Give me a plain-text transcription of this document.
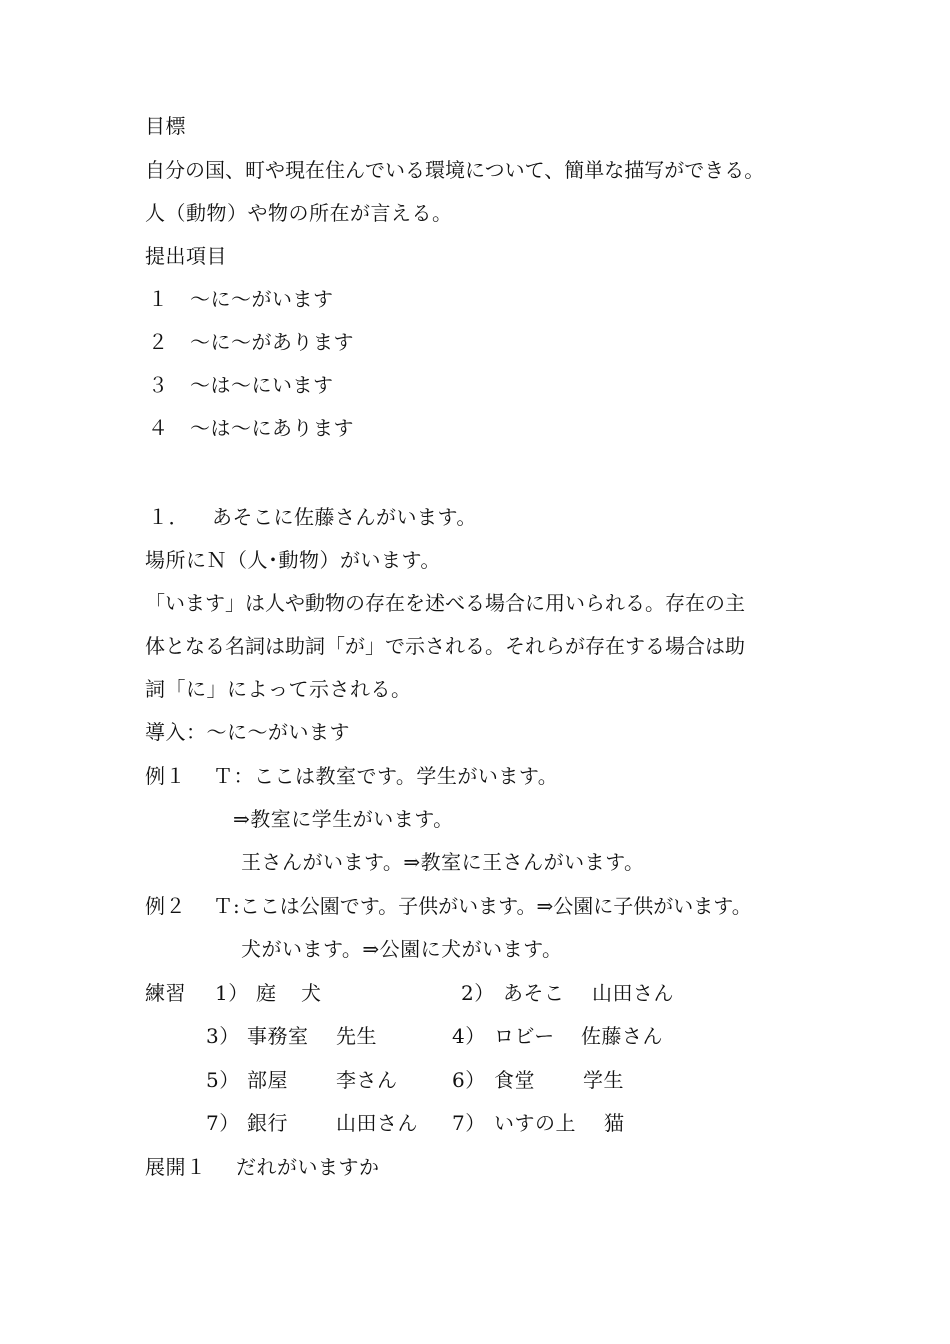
目標
自分の国、町や現在住んでいる環境について、簡単な描写ができる。
人（動物）や物の所在が言える。
提出項目
１ ～に～がいます
２ ～に～があります
３ ～は～にいます
４ ～は～にあります
１． あそこに佐藤さんがいます。
場所にＮ（人･動物）がいます。
「います」は人や動物の存在を述べる場合に用いられる。存在の主
体となる名詞は助詞「が」で示される。それらが存在する場合は助
詞「に」によって示される。
導入：～に～がいます
例１ Ｔ：ここは教室です。学生がいます。
⇒教室に学生がいます。
王さんがいます。⇒教室に王さんがいます。
例２ Ｔ:ここは公園です。子供がいます。⇒公園に子供がいます。
犬がいます。⇒公園に犬がいます。
練習 1） 庭 犬	2） あそこ 山田さん
3） 事務室 先生	4） ロビー 佐藤さん
5） 部屋 李さん	6） 食堂 学生
7） 銀行 山田さん 7） いすの上 猫
展開１ だれがいますか
